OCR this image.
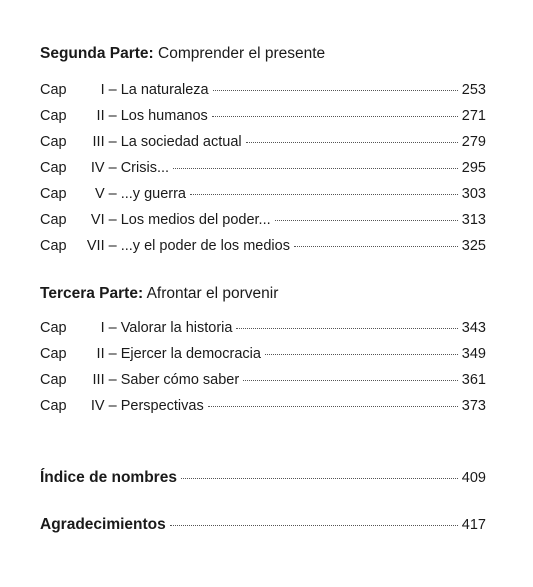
Segunda Parte: Comprender el presente
Cap	I – La naturaleza	253
Cap	II – Los humanos	271
Cap	III – La sociedad actual	279
Cap	IV – Crisis...	295
Cap	V – ...y guerra	303
Cap	VI – Los medios del poder...	313
Cap	VII – ...y el poder de los medios	325
Tercera Parte: Afrontar el porvenir
Cap	I – Valorar la historia	343
Cap	II – Ejercer la democracia	349
Cap	III – Saber cómo saber	361
Cap	IV – Perspectivas	373
Índice de nombres	409
Agradecimientos	417
